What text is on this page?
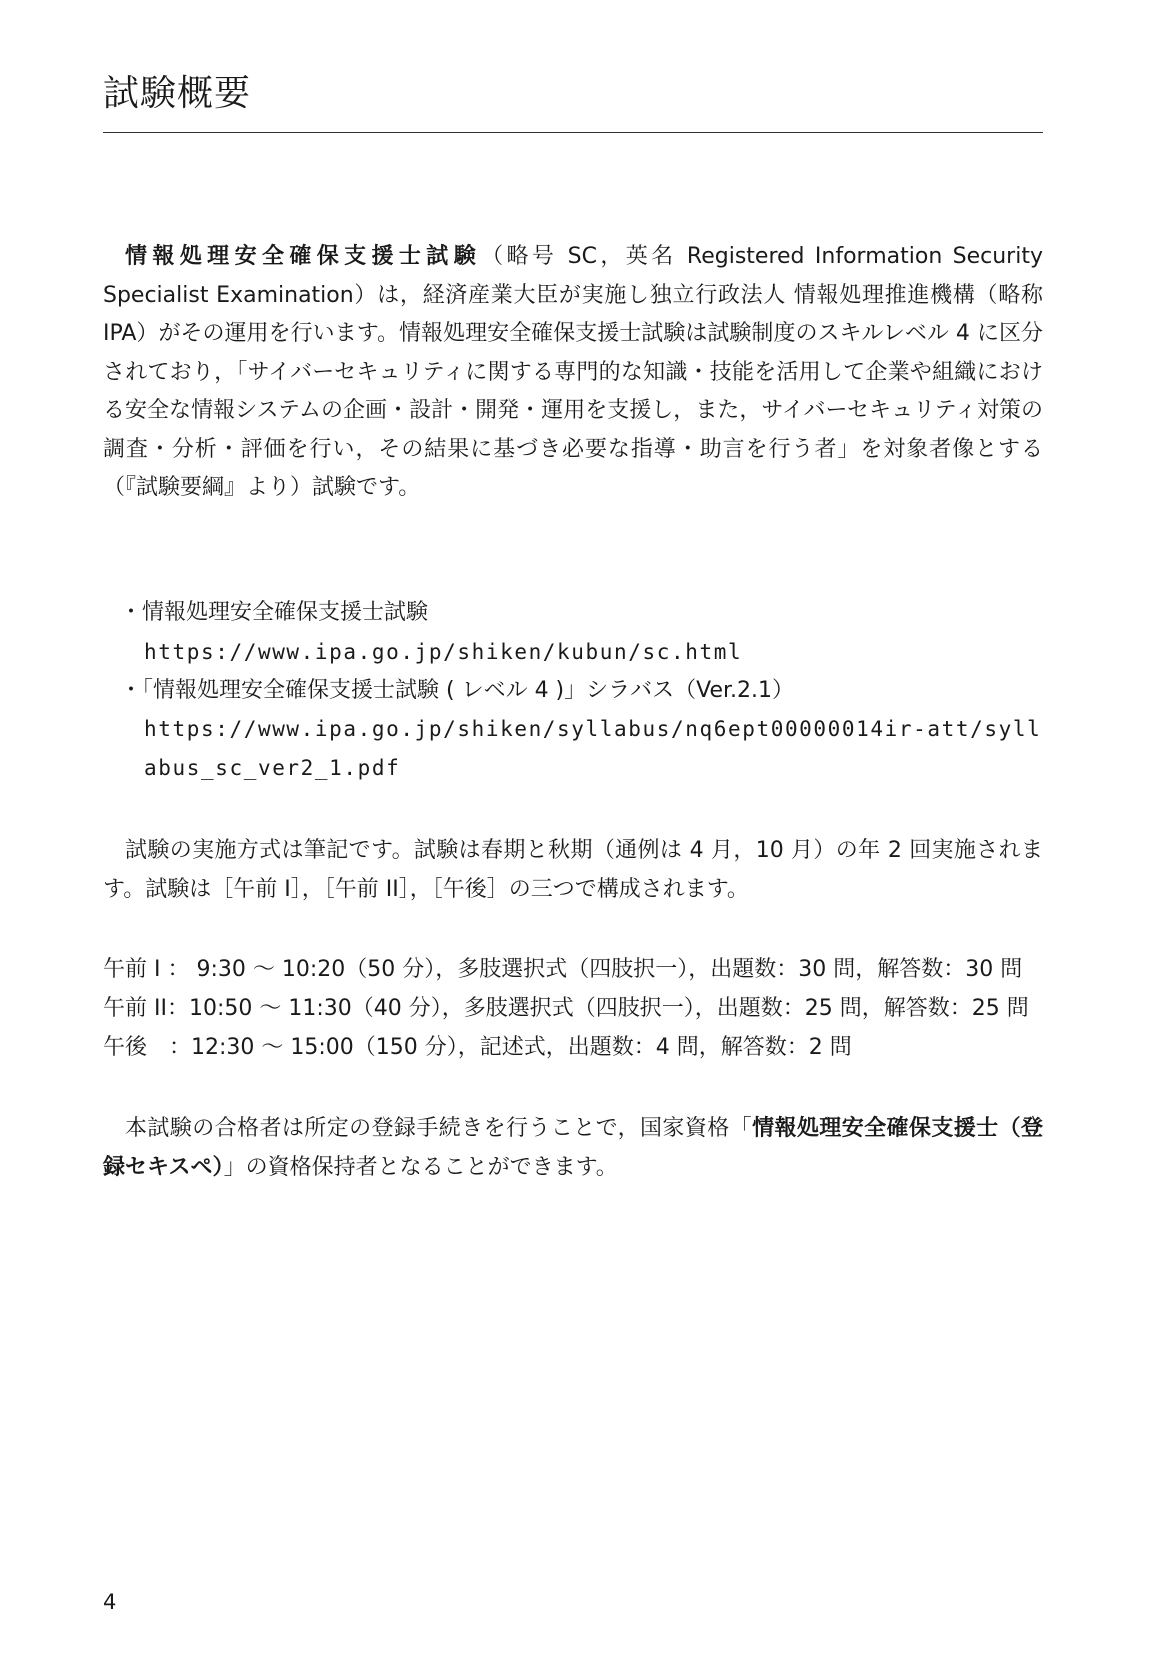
試験概要

情報処理安全確保支援士試験（略号 SC，英名 Registered Information Security Specialist Examination）は，経済産業大臣が実施し独立行政法人 情報処理推進機構（略称 IPA）がその運用を行います。情報処理安全確保支援士試験は試験制度のスキルレベル 4 に区分されており，「サイバーセキュリティに関する専門的な知識・技能を活用して企業や組織における安全な情報システムの企画・設計・開発・運用を支援し，また，サイバーセキュリティ対策の調査・分析・評価を行い，その結果に基づき必要な指導・助言を行う者」を対象者像とする（『試験要綱』より）試験です。

・情報処理安全確保支援士試験
https://www.ipa.go.jp/shiken/kubun/sc.html
・「情報処理安全確保支援士試験 ( レベル 4 )」シラバス（Ver.2.1）
https://www.ipa.go.jp/shiken/syllabus/nq6ept00000014ir-att/syllabus_sc_ver2_1.pdf

試験の実施方式は筆記です。試験は春期と秋期（通例は 4 月，10 月）の年 2 回実施されます。試験は［午前 I］，［午前 II］，［午後］の三つで構成されます。

午前 I ： 9:30 〜 10:20（50 分），多肢選択式（四肢択一），出題数：30 問，解答数：30 問
午前 II：10:50 〜 11:30（40 分），多肢選択式（四肢択一），出題数：25 問，解答数：25 問
午後　：12:30 〜 15:00（150 分），記述式，出題数：4 問，解答数：2 問

本試験の合格者は所定の登録手続きを行うことで，国家資格「情報処理安全確保支援士（登録セキスペ）」の資格保持者となることができます。

4
